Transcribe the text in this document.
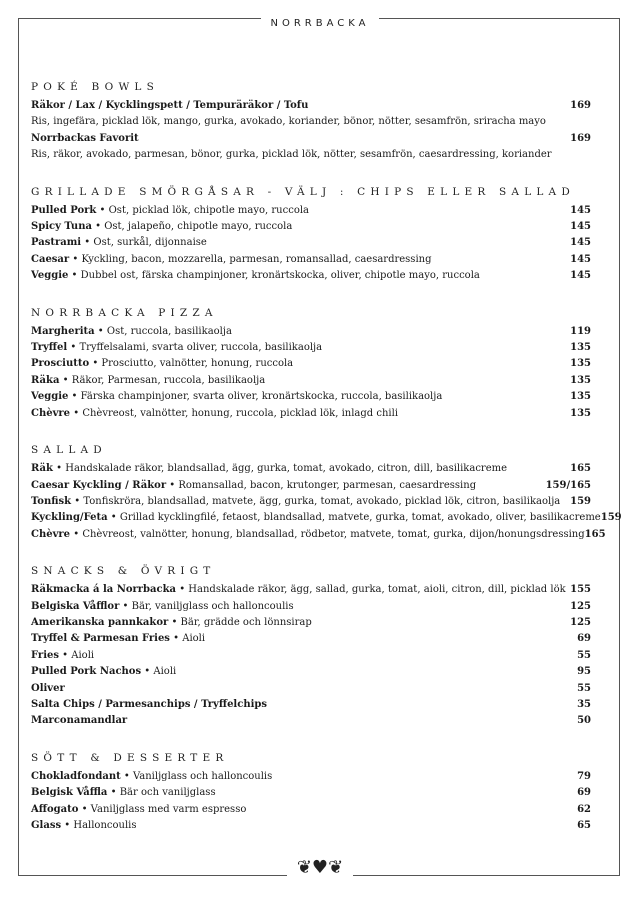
NORRBACKA
❦♥❦
POKÉ BOWLS
Räkor / Lax / Kycklingspett / Tempuräräkor / Tofu	169
Ris, ingefära, picklad lök, mango, gurka, avokado, koriander, bönor, nötter, sesamfrön, sriracha mayo
Norrbackas Favorit	169
Ris, räkor, avokado, parmesan, bönor, gurka, picklad lök, nötter, sesamfrön, caesardressing, koriander
GRILLADE SMÖRGÅSAR - VÄLJ : CHIPS ELLER SALLAD
Pulled Pork • Ost, picklad lök, chipotle mayo, ruccola	145
Spicy Tuna • Ost, jalapeño, chipotle mayo, ruccola	145
Pastrami • Ost, surkål, dijonnaise	145
Caesar • Kyckling, bacon, mozzarella, parmesan, romansallad, caesardressing	145
Veggie • Dubbel ost, färska champinjoner, kronärtskocka, oliver, chipotle mayo, ruccola	145
NORRBACKA PIZZA
Margherita • Ost, ruccola, basilikaolja	119
Tryffel • Tryffelsalami, svarta oliver, ruccola, basilikaolja	135
Prosciutto • Prosciutto, valnötter, honung, ruccola	135
Räka • Räkor, Parmesan, ruccola, basilikaolja	135
Veggie • Färska champinjoner, svarta oliver, kronärtskocka, ruccola, basilikaolja	135
Chèvre • Chèvreost, valnötter, honung, ruccola, picklad lök, inlagd chili	135
SALLAD
Räk • Handskalade räkor, blandsallad, ägg, gurka, tomat, avokado, citron, dill, basilikacreme	165
Caesar Kyckling / Räkor • Romansallad, bacon, krutonger, parmesan, caesardressing	159/165
Tonfisk • Tonfiskröra, blandsallad, matvete, ägg, gurka, tomat, avokado, picklad lök, citron, basilikaolja 159
Kyckling/Feta • Grillad kycklingfilé, fetaost, blandsallad, matvete, gurka, tomat, avokado, oliver, basilikacreme 159
Chèvre • Chèvreost, valnötter, honung, blandsallad, rödbetor, matvete, tomat, gurka, dijon/honungsdressing 165
SNACKS & ÖVRIGT
Räkmacka á la Norrbacka • Handskalade räkor, ägg, sallad, gurka, tomat, aioli, citron, dill, picklad lök 155
Belgiska Våfflor • Bär, vaniljglass och halloncoulis	125
Amerikanska pannkakor • Bär, grädde och lönnsirap	125
Tryffel & Parmesan Fries • Aioli	69
Fries • Aioli	55
Pulled Pork Nachos • Aioli	95
Oliver	55
Salta Chips / Parmesanchips / Tryffelchips	35
Marconamandlar	50
SÖTT & DESSERTER
Chokladfondant • Vaniljglass och halloncoulis	79
Belgisk Våffla • Bär och vaniljglass	69
Affogato • Vaniljglass med varm espresso	62
Glass • Halloncoulis	65
